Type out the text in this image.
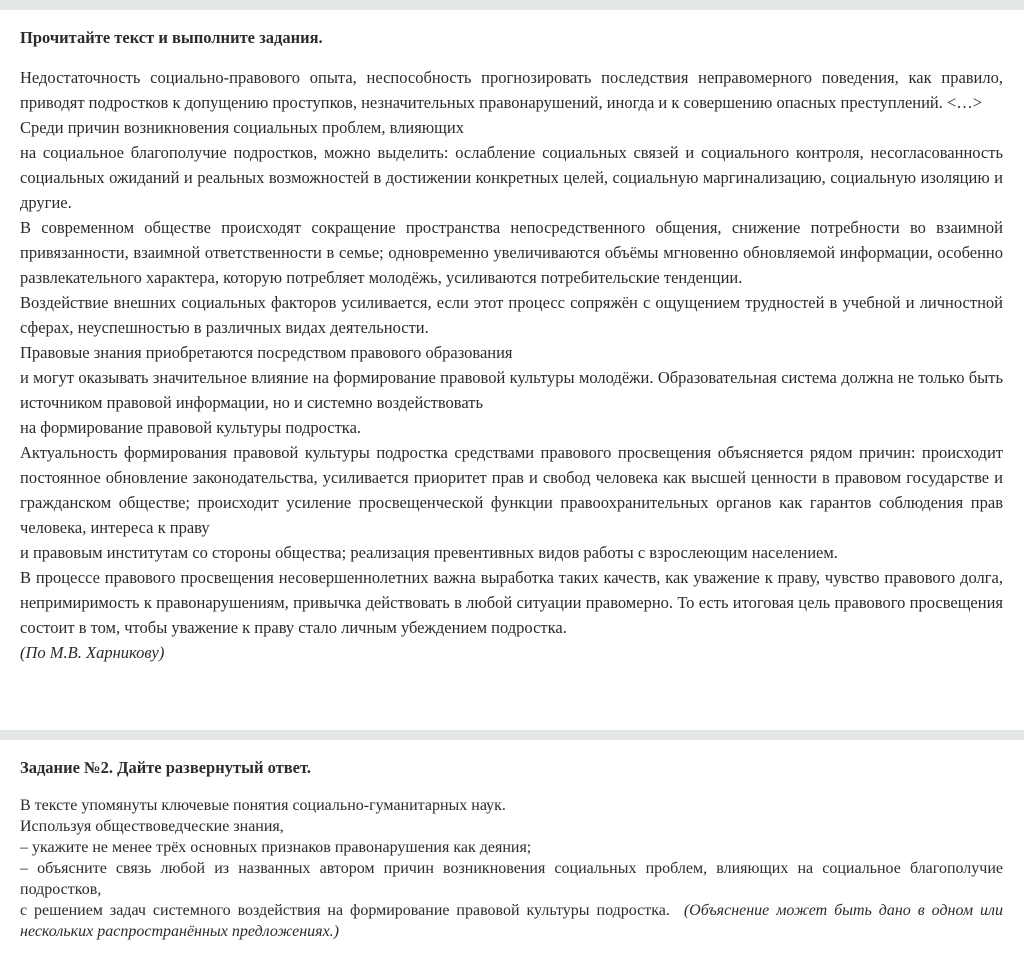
Прочитайте текст и выполните задания.

Недостаточность социально-правового опыта, неспособность прогнозировать последствия неправомерного поведения, как правило, приводят подростков к допущению проступков, незначительных правонарушений, иногда и к совершению опасных преступлений. <…>

Среди причин возникновения социальных проблем, влияющих

на социальное благополучие подростков, можно выделить: ослабление социальных связей и социального контроля, несогласованность социальных ожиданий и реальных возможностей в достижении конкретных целей, социальную маргинализацию, социальную изоляцию и другие.

В современном обществе происходят сокращение пространства непосредственного общения, снижение потребности во взаимной привязанности, взаимной ответственности в семье; одновременно увеличиваются объёмы мгновенно обновляемой информации, особенно развлекательного характера, которую потребляет молодёжь, усиливаются потребительские тенденции.

Воздействие внешних социальных факторов усиливается, если этот процесс сопряжён с ощущением трудностей в учебной и личностной сферах, неуспешностью в различных видах деятельности.

Правовые знания приобретаются посредством правового образования

и могут оказывать значительное влияние на формирование правовой культуры молодёжи. Образовательная система должна не только быть источником правовой информации, но и системно воздействовать

на формирование правовой культуры подростка.

Актуальность формирования правовой культуры подростка средствами правового просвещения объясняется рядом причин: происходит постоянное обновление законодательства, усиливается приоритет прав и свобод человека как высшей ценности в правовом государстве и гражданском обществе; происходит усиление просвещенческой функции правоохранительных органов как гарантов соблюдения прав человека, интереса к праву

и правовым институтам со стороны общества; реализация превентивных видов работы с взрослеющим населением.

В процессе правового просвещения несовершеннолетних важна выработка таких качеств, как уважение к праву, чувство правового долга, непримиримость к правонарушениям, привычка действовать в любой ситуации правомерно. То есть итоговая цель правового просвещения состоит в том, чтобы уважение к праву стало личным убеждением подростка.

(По М.В. Харникову)

Задание №2. Дайте развернутый ответ.

В тексте упомянуты ключевые понятия социально-гуманитарных наук.

Используя обществоведческие знания,

– укажите не менее трёх основных признаков правонарушения как деяния;

– объясните связь любой из названных автором причин возникновения социальных проблем, влияющих на социальное благополучие подростков,

с решением задач системного воздействия на формирование правовой культуры подростка. (Объяснение может быть дано в одном или нескольких распространённых предложениях.)
